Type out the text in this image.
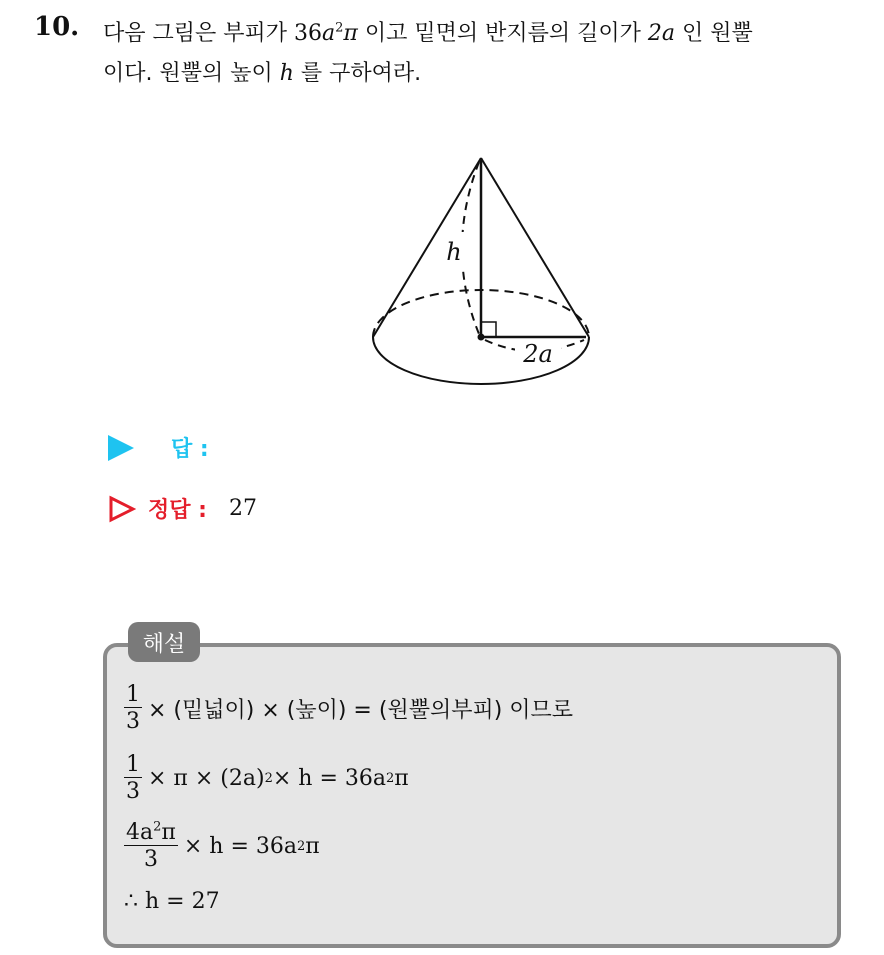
10. 다음 그림은 부피가 $36a^2\pi$ 이고 밑면의 반지름의 길이가 2a 인 원뿔
이다. 원뿔의 높이 h 를 구하여라.
h
2a
답 :
정답 : 27
해설
$\frac{1}{3}$ × (밑넓이) × (높이) = (원뿔의부피) 이므로
$\frac{1}{3} \times \pi \times (2a) 2 \times h = 36a$ 2 π
$\frac{4a^2\pi}{3} \times h = 36a$ 2 π
∴ h = 27
